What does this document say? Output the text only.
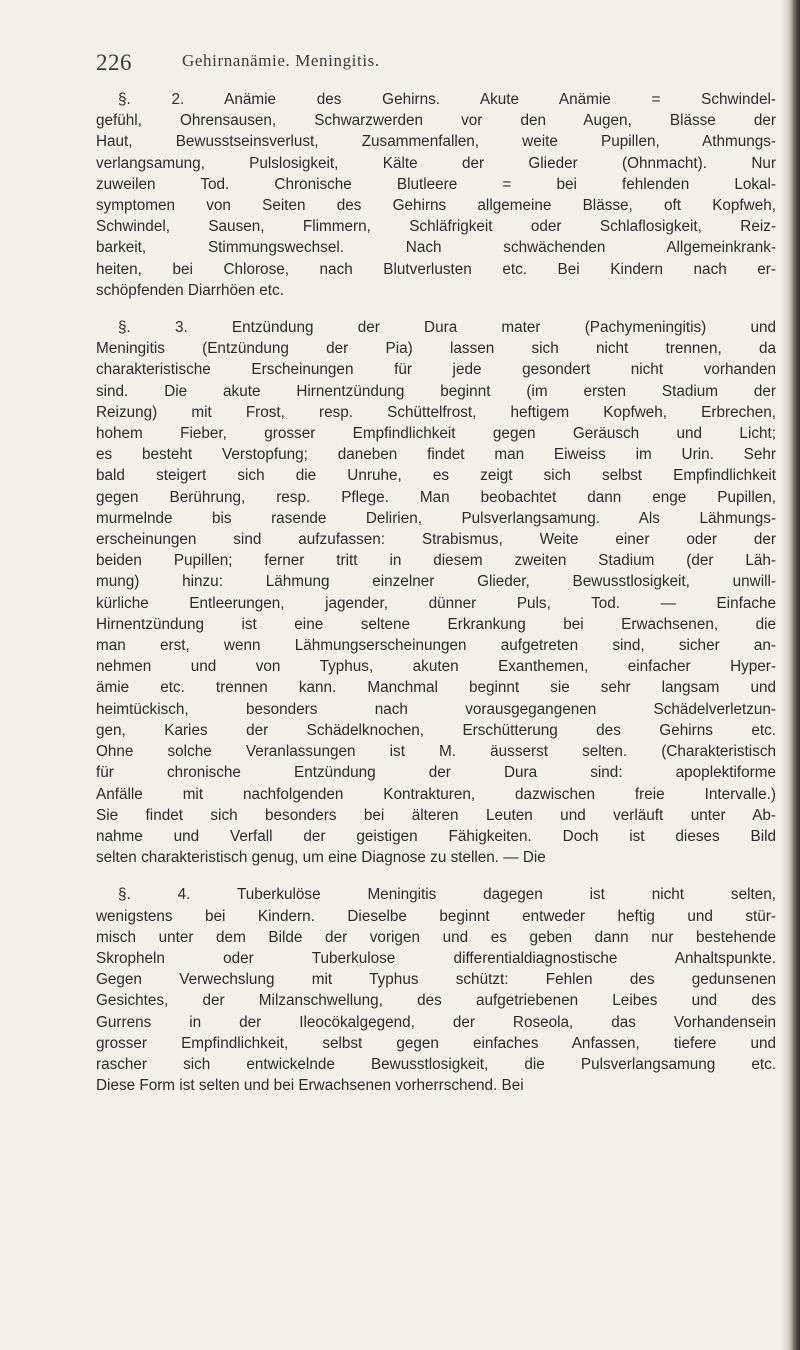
226	Gehirnanämie. Meningitis.
§. 2. Anämie des Gehirns. Akute Anämie = Schwindel-
gefühl, Ohrensausen, Schwarzwerden vor den Augen, Blässe der
Haut, Bewusstseinsverlust, Zusammenfallen, weite Pupillen, Athmungs-
verlangsamung, Pulslosigkeit, Kälte der Glieder (Ohnmacht). Nur
zuweilen Tod. Chronische Blutleere = bei fehlenden Lokal-
symptomen von Seiten des Gehirns allgemeine Blässe, oft Kopfweh,
Schwindel, Sausen, Flimmern, Schläfrigkeit oder Schlaflosigkeit, Reiz-
barkeit, Stimmungswechsel. Nach schwächenden Allgemeinkrank-
heiten, bei Chlorose, nach Blutverlusten etc. Bei Kindern nach er-
schöpfenden Diarrhöen etc.
§. 3. Entzündung der Dura mater (Pachymeningitis) und
Meningitis (Entzündung der Pia) lassen sich nicht trennen, da
charakteristische Erscheinungen für jede gesondert nicht vorhanden
sind. Die akute Hirnentzündung beginnt (im ersten Stadium der
Reizung) mit Frost, resp. Schüttelfrost, heftigem Kopfweh, Erbrechen,
hohem Fieber, grosser Empfindlichkeit gegen Geräusch und Licht;
es besteht Verstopfung; daneben findet man Eiweiss im Urin. Sehr
bald steigert sich die Unruhe, es zeigt sich selbst Empfindlichkeit
gegen Berührung, resp. Pflege. Man beobachtet dann enge Pupillen,
murmelnde bis rasende Delirien, Pulsverlangsamung. Als Lähmungs-
erscheinungen sind aufzufassen: Strabismus, Weite einer oder der
beiden Pupillen; ferner tritt in diesem zweiten Stadium (der Läh-
mung) hinzu: Lähmung einzelner Glieder, Bewusstlosigkeit, unwill-
kürliche Entleerungen, jagender, dünner Puls, Tod. — Einfache
Hirnentzündung ist eine seltene Erkrankung bei Erwachsenen, die
man erst, wenn Lähmungserscheinungen aufgetreten sind, sicher an-
nehmen und von Typhus, akuten Exanthemen, einfacher Hyper-
ämie etc. trennen kann. Manchmal beginnt sie sehr langsam und
heimtückisch, besonders nach vorausgegangenen Schädelverletzun-
gen, Karies der Schädelknochen, Erschütterung des Gehirns etc.
Ohne solche Veranlassungen ist M. äusserst selten. (Charakteristisch
für chronische Entzündung der Dura sind: apoplektiforme
Anfälle mit nachfolgenden Kontrakturen, dazwischen freie Intervalle.)
Sie findet sich besonders bei älteren Leuten und verläuft unter Ab-
nahme und Verfall der geistigen Fähigkeiten. Doch ist dieses Bild
selten charakteristisch genug, um eine Diagnose zu stellen. — Die
§. 4. Tuberkulöse Meningitis dagegen ist nicht selten,
wenigstens bei Kindern. Dieselbe beginnt entweder heftig und stür-
misch unter dem Bilde der vorigen und es geben dann nur bestehende
Skropheln oder Tuberkulose differentialdiagnostische Anhaltspunkte.
Gegen Verwechslung mit Typhus schützt: Fehlen des gedunsenen
Gesichtes, der Milzanschwellung, des aufgetriebenen Leibes und des
Gurrens in der Ileocökalgegend, der Roseola, das Vorhandensein
grosser Empfindlichkeit, selbst gegen einfaches Anfassen, tiefere und
rascher sich entwickelnde Bewusstlosigkeit, die Pulsverlangsamung etc.
Diese Form ist selten und bei Erwachsenen vorherrschend. Bei
